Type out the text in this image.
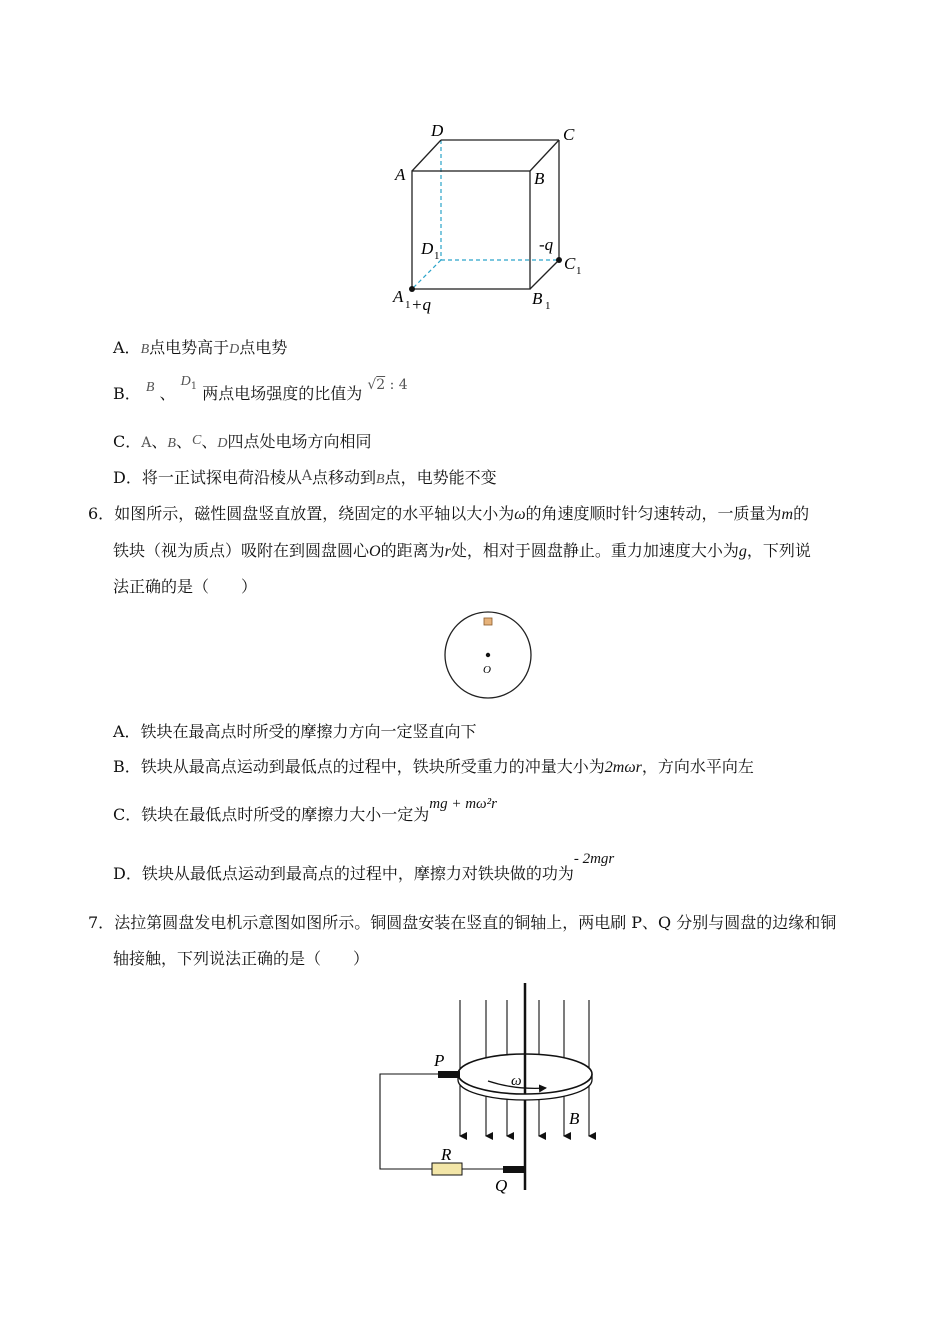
D	C
A	B
D 1
-q
C 1
A 1 +q	B 1
A．B点电势高于D点电势
B． B 、 $D^1$ 两点电场强度的比值为 √2 : 4
C．A、B、C、D四点处电场方向相同
D．将一正试探电荷沿棱从A点移动到B点，电势能不变
6．如图所示，磁性圆盘竖直放置，绕固定的水平轴以大小为ω的角速度顺时针匀速转动，一质量为m的
铁块（视为质点）吸附在到圆盘圆心O的距离为r处，相对于圆盘静止。重力加速度大小为g，下列说
法正确的是（　　）
O
A．铁块在最高点时所受的摩擦力方向一定竖直向下
B．铁块从最高点运动到最低点的过程中，铁块所受重力的冲量大小为2mωr，方向水平向左
C．铁块在最低点时所受的摩擦力大小一定为mg + mω²r
D．铁块从最低点运动到最高点的过程中，摩擦力对铁块做的功为- 2mgr
7．法拉第圆盘发电机示意图如图所示。铜圆盘安装在竖直的铜轴上，两电刷 P、Q 分别与圆盘的边缘和铜
轴接触，下列说法正确的是（　　）
ω
P
Q
R
B
